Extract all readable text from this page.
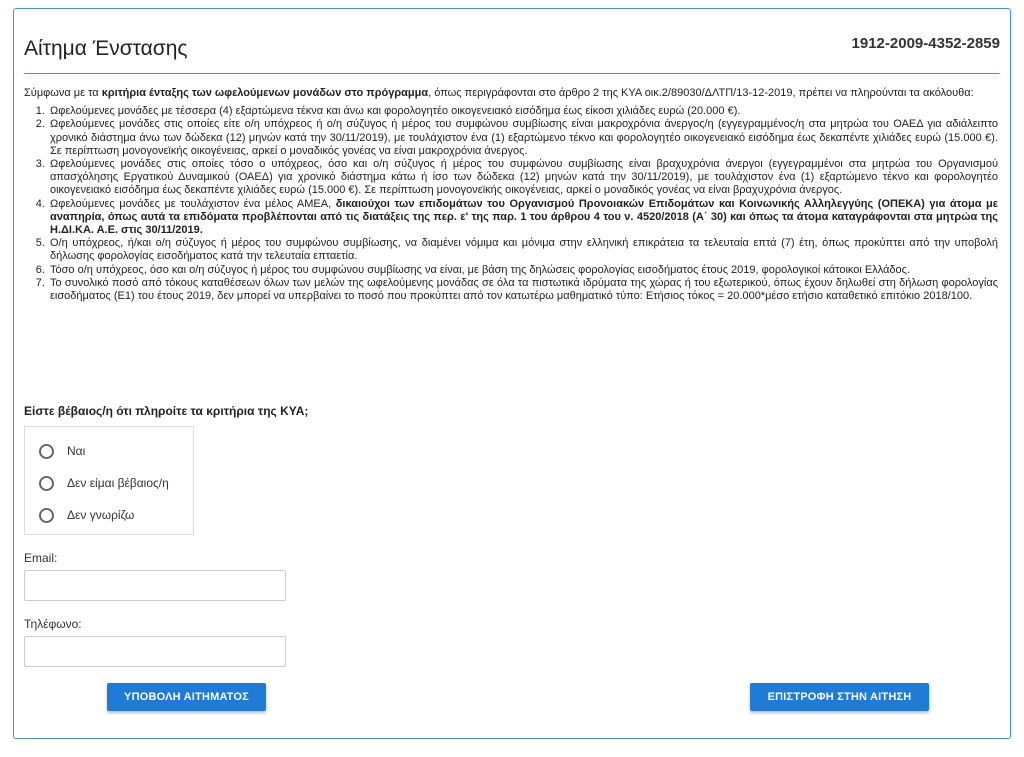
Αίτημα Ένστασης	1912-2009-4352-2859

Σύμφωνα με τα κριτήρια ένταξης των ωφελούμενων μονάδων στο πρόγραμμα, όπως περιγράφονται στο άρθρο 2 της ΚΥΑ οικ.2/89030/ΔΛΤΠ/13-12-2019, πρέπει να πληρούνται τα ακόλουθα:

1. Ωφελούμενες μονάδες με τέσσερα (4) εξαρτώμενα τέκνα και άνω και φορολογητέο οικογενειακό εισόδημα έως είκοσι χιλιάδες ευρώ (20.000 €).
2. Ωφελούμενες μονάδες στις οποίες είτε ο/η υπόχρεος ή ο/η σύζυγος ή μέρος του συμφώνου συμβίωσης είναι μακροχρόνια άνεργος/η (εγγεγραμμένος/η στα μητρώα του ΟΑΕΔ για αδιάλειπτο χρονικό διάστημα άνω των δώδεκα (12) μηνών κατά την 30/11/2019), με τουλάχιστον ένα (1) εξαρτώμενο τέκνο και φορολογητέο οικογενειακό εισόδημα έως δεκαπέντε χιλιάδες ευρώ (15.000 €). Σε περίπτωση μονογονεϊκής οικογένειας, αρκεί ο μοναδικός γονέας να είναι μακροχρόνια άνεργος.
3. Ωφελούμενες μονάδες στις οποίες τόσο ο υπόχρεος, όσο και ο/η σύζυγος ή μέρος του συμφώνου συμβίωσης είναι βραχυχρόνια άνεργοι (εγγεγραμμένοι στα μητρώα του Οργανισμού απασχόλησης Εργατικού Δυναμικού (ΟΑΕΔ) για χρονικό διάστημα κάτω ή ίσο των δώδεκα (12) μηνών κατά την 30/11/2019), με τουλάχιστον ένα (1) εξαρτώμενο τέκνο και φορολογητέο οικογενειακό εισόδημα έως δεκαπέντε χιλιάδες ευρώ (15.000 €). Σε περίπτωση μονογονεϊκής οικογένειας, αρκεί ο μοναδικός γονέας να είναι βραχυχρόνια άνεργος.
4. Ωφελούμενες μονάδες με τουλάχιστον ένα μέλος ΑΜΕΑ, δικαιούχοι των επιδομάτων του Οργανισμού Προνοιακών Επιδομάτων και Κοινωνικής Αλληλεγγύης (ΟΠΕΚΑ) για άτομα με αναπηρία, όπως αυτά τα επιδόματα προβλέπονται από τις διατάξεις της περ. ε' της παρ. 1 του άρθρου 4 του ν. 4520/2018 (Α΄ 30) και όπως τα άτομα καταγράφονται στα μητρώα της Η.ΔΙ.ΚΑ. Α.Ε. στις 30/11/2019.
5. Ο/η υπόχρεος, ή/και ο/η σύζυγος ή μέρος του συμφώνου συμβίωσης, να διαμένει νόμιμα και μόνιμα στην ελληνική επικράτεια τα τελευταία επτά (7) έτη, όπως προκύπτει από την υποβολή δήλωσης φορολογίας εισοδήματος κατά την τελευταία επταετία.
6. Τόσο ο/η υπόχρεος, όσο και ο/η σύζυγος ή μέρος του συμφώνου συμβίωσης να είναι, με βάση της δηλώσεις φορολογίας εισοδήματος έτους 2019, φορολογικοί κάτοικοι Ελλάδος.
7. Το συνολικό ποσό από τόκους καταθέσεων όλων των μελών της ωφελούμενης μονάδας σε όλα τα πιστωτικά ιδρύματα της χώρας ή του εξωτερικού, όπως έχουν δηλωθεί στη δήλωση φορολογίας εισοδήματος (Ε1) του έτους 2019, δεν μπορεί να υπερβαίνει το ποσό που προκύπτει από τον κατωτέρω μαθηματικό τύπο: Ετήσιος τόκος = 20.000*μέσο ετήσιο καταθετικό επιτόκιο 2018/100.
Είστε βέβαιος/η ότι πληροίτε τα κριτήρια της ΚΥΑ;
Ναι
Δεν είμαι βέβαιος/η
Δεν γνωρίζω
Email:
Τηλέφωνο:
ΥΠΟΒΟΛΗ ΑΙΤΗΜΑΤΟΣ	ΕΠΙΣΤΡΟΦΗ ΣΤΗΝ ΑΙΤΗΣΗ
